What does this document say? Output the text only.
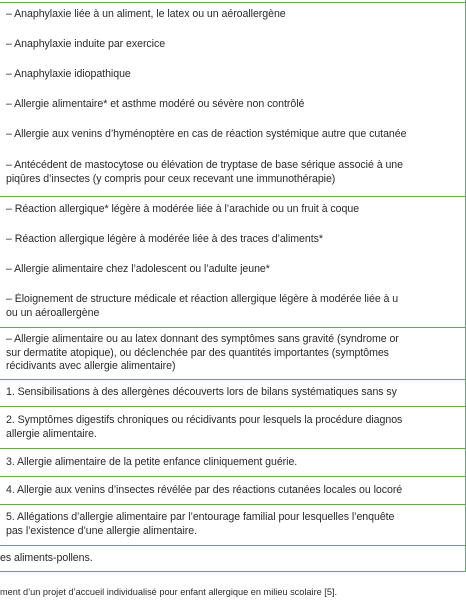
– Anaphylaxie liée à un aliment, le latex ou un aéroallergène
– Anaphylaxie induite par exercice
– Anaphylaxie idiopathique
– Allergie alimentaire* et asthme modéré ou sévère non contrôlé
– Allergie aux venins d’hyménoptère en cas de réaction systémique autre que cutanée
– Antécédent de mastocytose ou élévation de tryptase de base sérique associé à une
piqûres d’insectes (y compris pour ceux recevant une immunothérapie)
– Réaction allergique* légère à modérée liée à l’arachide ou un fruit à coque
– Réaction allergique légère à modérée liée à des traces d’aliments*
– Allergie alimentaire chez l’adolescent ou l’adulte jeune*
– Éloignement de structure médicale et réaction allergique légère à modérée liée à u
ou un aéroallergène
– Allergie alimentaire ou au latex donnant des symptômes sans gravité (syndrome or
sur dermatite atopique), ou déclenchée par des quantités importantes (symptômes
récidivants avec allergie alimentaire)
1. Sensibilisations à des allergènes découverts lors de bilans systématiques sans sy
2. Symptômes digestifs chroniques ou récidivants pour lesquels la procédure diagnos
allergie alimentaire.
3. Allergie alimentaire de la petite enfance cliniquement guérie.
4. Allergie aux venins d’insectes révélée par des réactions cutanées locales ou locoré
5. Allégations d’allergie alimentaire par l’entourage familial pour lesquelles l’enquête
pas l’existence d’une allergie alimentaire.
es aliments-pollens.
ment d’un projet d’accueil individualisé pour enfant allergique en milieu scolaire [5].
